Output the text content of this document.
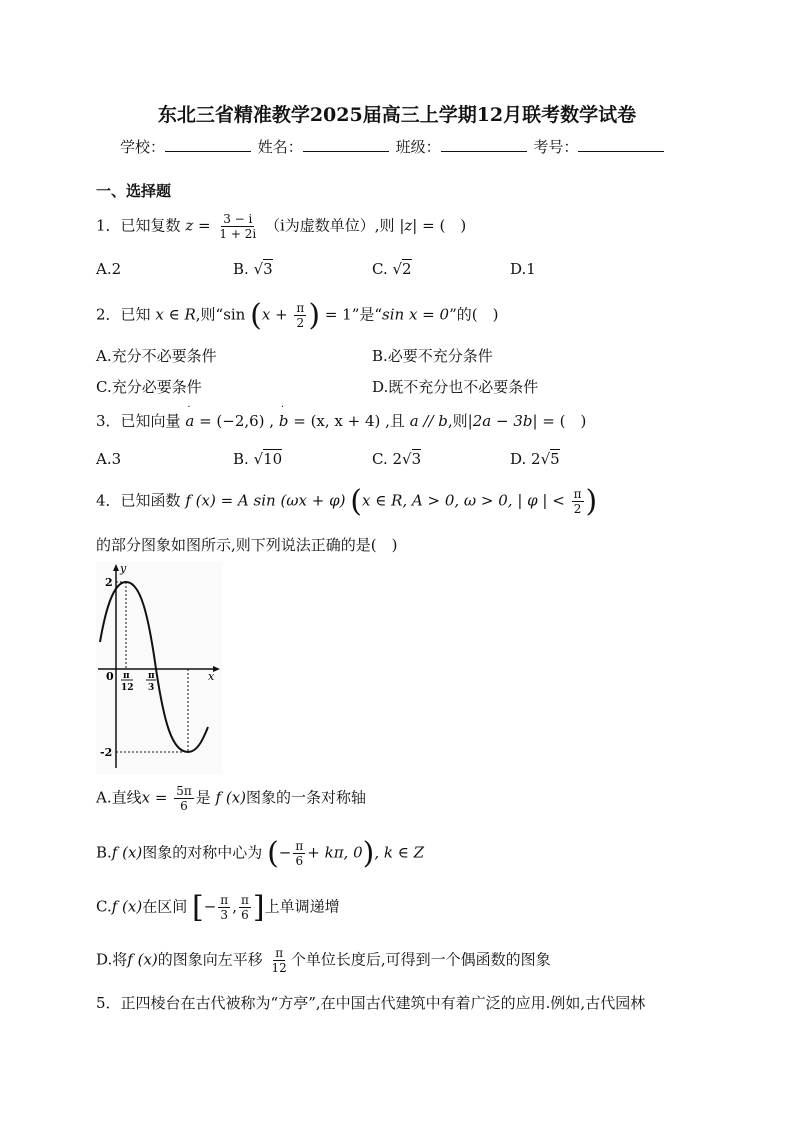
东北三省精准教学2025届高三上学期12月联考数学试卷
学校：	姓名：	班级：	考号：
一、选择题
1．已知复数 $z = \frac{3 - i}{1 + 2i} (i$为虚数单位）,则 |z| = (　)
A.2	B. √3	C. √2	D.1
2．已知 x ∈ R,则“sin ($x + \frac{\pi}{2}$ ) = 1”是“sin x = 0”的(　)
A.充分不必要条件	B.必要不充分条件
C.充分必要条件	D.既不充分也不必要条件
3．已知向量 · a = (−2,6) , · b = (x, x + 4) ,且 a // b,则|2a − 3b| = (　)
A.3	B. √10	C. 2√3	D. 2√5
4．已知函数 f (x) = A sin (ωx + φ) (x ∈ R, A > 0, ω > 0, | φ | < $\frac{\pi}{2}$ )
的部分图象如图所示,则下列说法正确的是(　)
y
x
0
2
-2
π
12
π
3
A.直线$x = \frac{5\pi}{6}$ 是 f (x)图象的一条对称轴
B.f (x)图象的对称中心为 (− $\frac{\pi}{6} + k\pi$, 0), k ∈ Z
C.f (x)在区间 [− $\frac{\pi}{3}$ , $\frac{\pi}{6}$ ]上单调递增
D.将f (x)的图象向左平移 $\frac{\pi}{12}$ 个单位长度后,可得到一个偶函数的图象
5．正四棱台在古代被称为“方亭”,在中国古代建筑中有着广泛的应用.例如,古代园林
